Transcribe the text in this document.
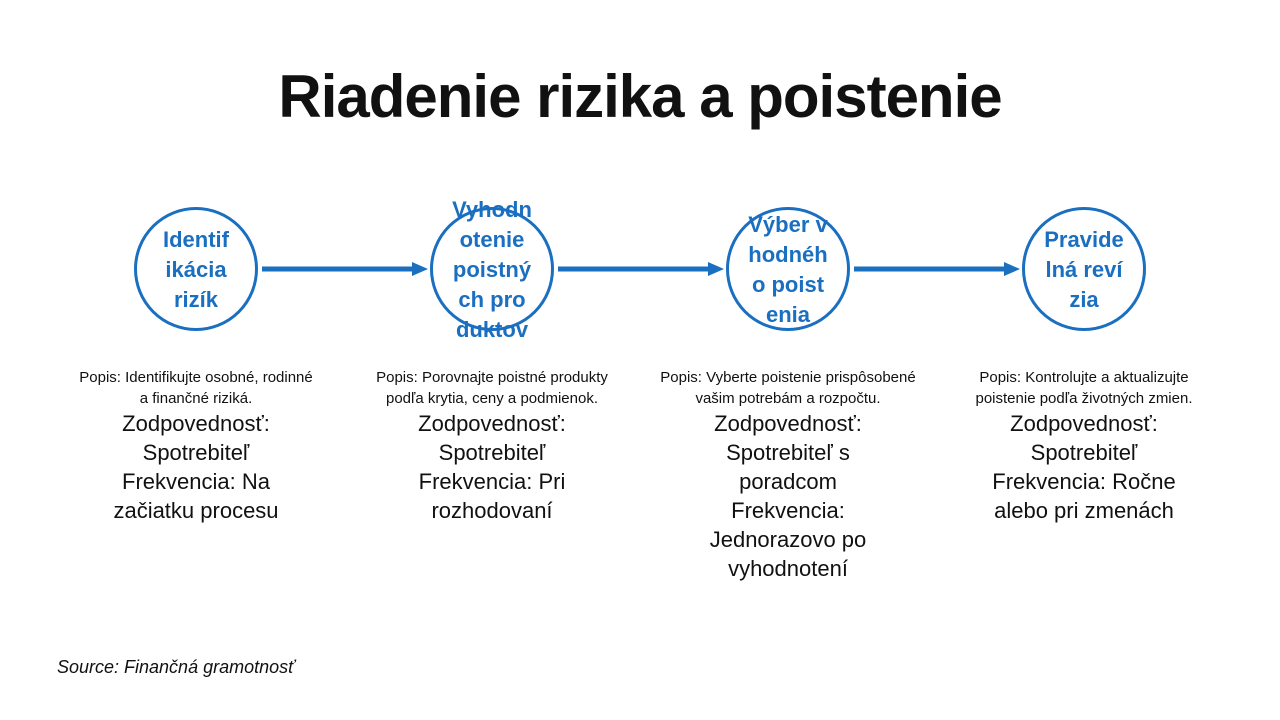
Riadenie rizika a poistenie
Identifikácia rizík
Vyhodnotenie poistných produktov
Výber vhodného poistenia
Pravidelná revízia

Popis: Identifikujte osobné, rodinné a finančné riziká.

Zodpovednosť: Spotrebiteľ

Frekvencia: Na začiatku procesu

Popis: Porovnajte poistné produkty podľa krytia, ceny a podmienok.

Zodpovednosť: Spotrebiteľ

Frekvencia: Pri rozhodovaní

Popis: Vyberte poistenie prispôsobené vašim potrebám a rozpočtu.

Zodpovednosť: Spotrebiteľ s poradcom

Frekvencia: Jednorazovo po vyhodnotení

Popis: Kontrolujte a aktualizujte poistenie podľa životných zmien.

Zodpovednosť: Spotrebiteľ

Frekvencia: Ročne alebo pri zmenách

Source: Finančná gramotnosť
